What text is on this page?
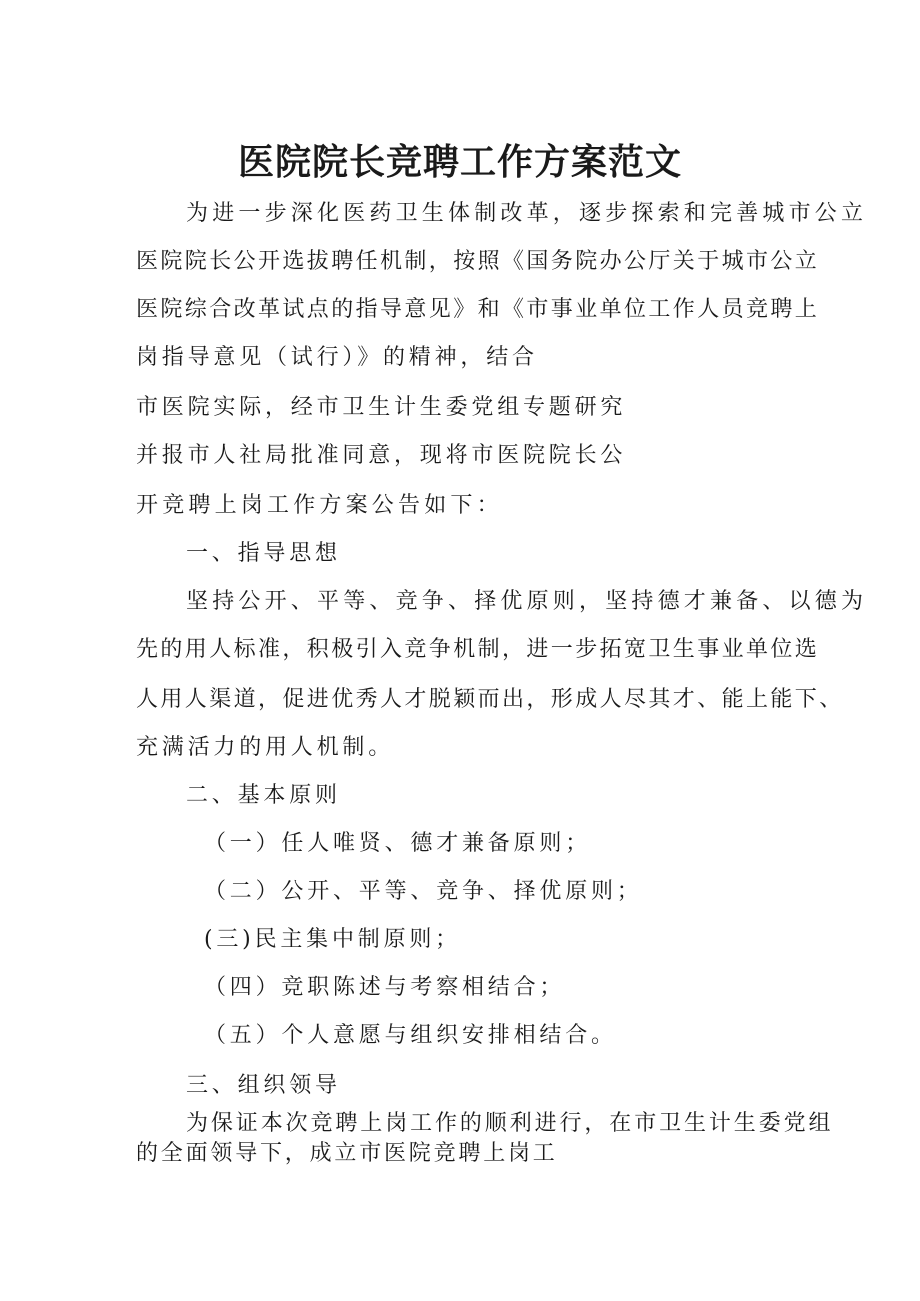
医院院长竞聘工作方案范文
为进一步深化医药卫生体制改革，逐步探索和完善城市公立
医院院长公开选拔聘任机制，按照《国务院办公厅关于城市公立
医院综合改革试点的指导意见》和《市事业单位工作人员竞聘上
岗指导意见（试行）》的精神，结合
市医院实际，经市卫生计生委党组专题研究
并报市人社局批准同意，现将市医院院长公
开竞聘上岗工作方案公告如下：
一、指导思想
坚持公开、平等、竞争、择优原则，坚持德才兼备、以德为
先的用人标准，积极引入竞争机制，进一步拓宽卫生事业单位选
人用人渠道，促进优秀人才脱颖而出，形成人尽其才、能上能下、
充满活力的用人机制。
二、基本原则
（一）任人唯贤、德才兼备原则；
（二）公开、平等、竞争、择优原则；
(三)民主集中制原则；
（四）竞职陈述与考察相结合；
（五）个人意愿与组织安排相结合。
三、组织领导
为保证本次竞聘上岗工作的顺利进行，在市卫生计生委党组
的全面领导下，成立市医院竞聘上岗工
